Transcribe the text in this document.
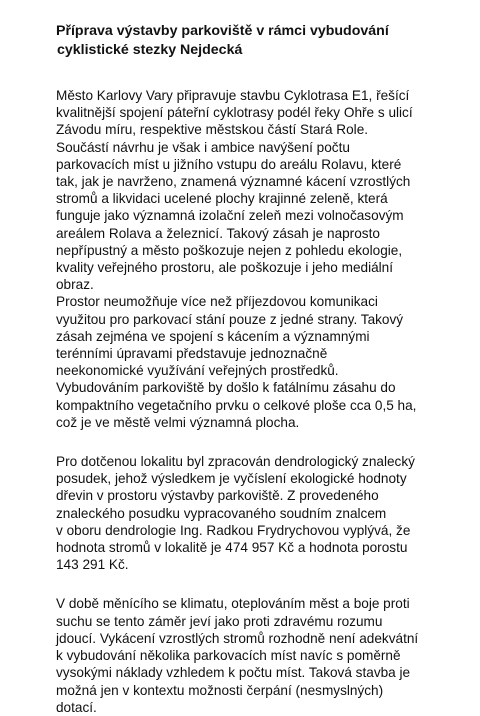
Příprava výstavby parkoviště v rámci vybudování
cyklistické stezky Nejdecká

Město Karlovy Vary připravuje stavbu Cyklotrasa E1, řešící
kvalitnější spojení páteřní cyklotrasy podél řeky Ohře s ulicí
Závodu míru, respektive městskou částí Stará Role.
Součástí návrhu je však i ambice navýšení počtu
parkovacích míst u jižního vstupu do areálu Rolavu, které
tak, jak je navrženo, znamená významné kácení vzrostlých
stromů a likvidaci ucelené plochy krajinné zeleně, která
funguje jako významná izolační zeleň mezi volnočasovým
areálem Rolava a železnicí. Takový zásah je naprosto
nepřípustný a město poškozuje nejen z pohledu ekologie,
kvality veřejného prostoru, ale poškozuje i jeho mediální
obraz.
Prostor neumožňuje více než příjezdovou komunikaci
využitou pro parkovací stání pouze z jedné strany. Takový
zásah zejména ve spojení s kácením a významnými
terénními úpravami představuje jednoznačně
neekonomické využívání veřejných prostředků.
Vybudováním parkoviště by došlo k fatálnímu zásahu do
kompaktního vegetačního prvku o celkové ploše cca 0,5 ha,
což je ve městě velmi významná plocha.

Pro dotčenou lokalitu byl zpracován dendrologický znalecký
posudek, jehož výsledkem je vyčíslení ekologické hodnoty
dřevin v prostoru výstavby parkoviště. Z provedeného
znaleckého posudku vypracovaného soudním znalcem
v oboru dendrologie Ing. Radkou Frydrychovou vyplývá, že
hodnota stromů v lokalitě je 474 957 Kč a hodnota porostu
143 291 Kč.

V době měnícího se klimatu, oteplováním měst a boje proti
suchu se tento záměr jeví jako proti zdravému rozumu
jdoucí. Vykácení vzrostlých stromů rozhodně není adekvátní
k vybudování několika parkovacích míst navíc s poměrně
vysokými náklady vzhledem k počtu míst. Taková stavba je
možná jen v kontextu možnosti čerpání (nesmyslných)
dotací.
